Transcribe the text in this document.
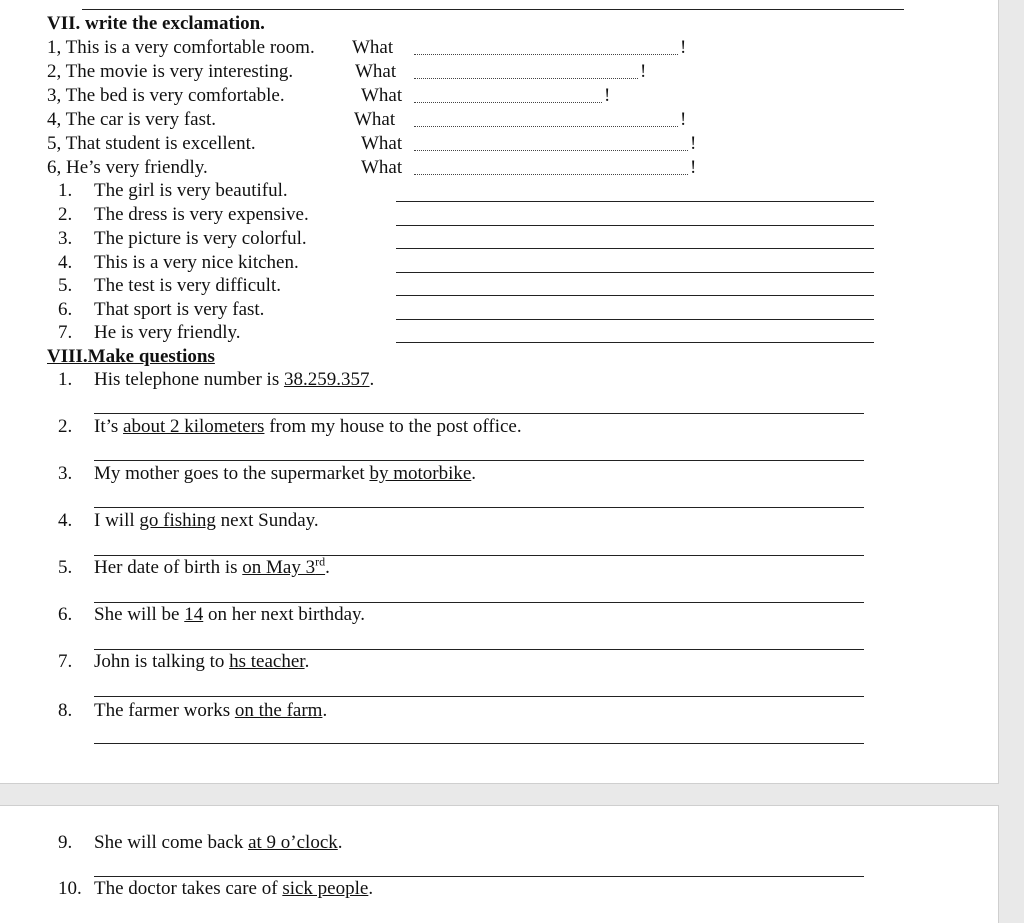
VII. write the exclamation.
1, This is a very comfortable room. What	!
2, The movie is very interesting.	What	!
3, The bed is very comfortable.	What	!
4, The car is very fast.	What	!
5, That student is excellent.	What	!
6, He’s very friendly.	What	!
1. The girl is very beautiful.
2. The dress is very expensive.
3. The picture is very colorful.
4. This is a very nice kitchen.
5. The test is very difficult.
6. That sport is very fast.
7. He is very friendly.
VIII.Make questions
1. His telephone number is 38.259.357.
2. It’s about 2 kilometers from my house to the post office.
3. My mother goes to the supermarket by motorbike.
4. I will go fishing next Sunday.
5. Her date of birth is on May 3rd.
6. She will be 14 on her next birthday.
7. John is talking to hs teacher.
8. The farmer works on the farm.
9. She will come back at 9 o’clock.
10. The doctor takes care of sick people.
